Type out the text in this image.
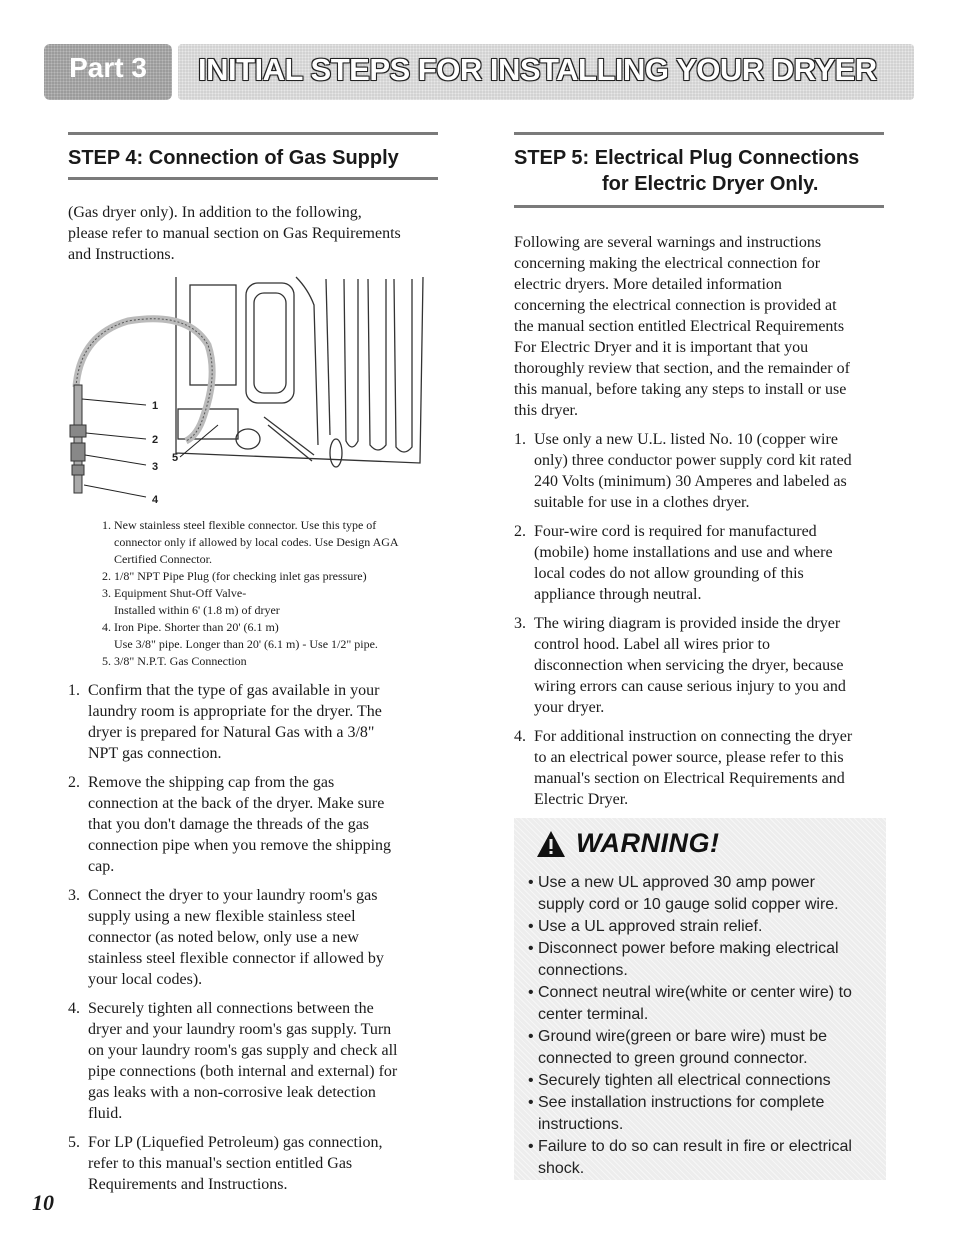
Part 3	INITIAL STEPS FOR INSTALLING YOUR DRYER
STEP 4: Connection of Gas Supply

(Gas dryer only). In addition to the following,
please refer to manual section on Gas Requirements
and Instructions.

1
2
3
4
5
1. New stainless steel flexible connector. Use this type of
connector only if allowed by local codes. Use Design AGA
Certified Connector.
2. 1/8" NPT Pipe Plug (for checking inlet gas pressure)
3. Equipment Shut-Off Valve-
Installed within 6' (1.8 m) of dryer
4. Iron Pipe. Shorter than 20' (6.1 m)
Use 3/8" pipe. Longer than 20' (6.1 m) - Use 1/2" pipe.
5. 3/8" N.P.T. Gas Connection
1. Confirm that the type of gas available in your
laundry room is appropriate for the dryer. The
dryer is prepared for Natural Gas with a 3/8"
NPT gas connection.
2. Remove the shipping cap from the gas
connection at the back of the dryer. Make sure
that you don't damage the threads of the gas
connection pipe when you remove the shipping
cap.
3. Connect the dryer to your laundry room's gas
supply using a new flexible stainless steel
connector (as noted below, only use a new
stainless steel flexible connector if allowed by
your local codes).
4. Securely tighten all connections between the
dryer and your laundry room's gas supply. Turn
on your laundry room's gas supply and check all
pipe connections (both internal and external) for
gas leaks with a non-corrosive leak detection
fluid.
5. For LP (Liquefied Petroleum) gas connection,
refer to this manual's section entitled Gas
Requirements and Instructions.
STEP 5: Electrical Plug Connections
for Electric Dryer Only.

Following are several warnings and instructions
concerning making the electrical connection for
electric dryers. More detailed information
concerning the electrical connection is provided at
the manual section entitled Electrical Requirements
For Electric Dryer and it is important that you
thoroughly review that section, and the remainder of
this manual, before taking any steps to install or use
this dryer.

1. Use only a new U.L. listed No. 10 (copper wire
only) three conductor power supply cord kit rated
240 Volts (minimum) 30 Amperes and labeled as
suitable for use in a clothes dryer.
2. Four-wire cord is required for manufactured
(mobile) home installations and use and where
local codes do not allow grounding of this
appliance through neutral.
3. The wiring diagram is provided inside the dryer
control hood. Label all wires prior to
disconnection when servicing the dryer, because
wiring errors can cause serious injury to you and
your dryer.
4. For additional instruction on connecting the dryer
to an electrical power source, please refer to this
manual's section on Electrical Requirements and
Electric Dryer.
WARNING!
• Use a new UL approved 30 amp power
supply cord or 10 gauge solid copper wire.
• Use a UL approved strain relief.
• Disconnect power before making electrical
connections.
• Connect neutral wire(white or center wire) to
center terminal.
• Ground wire(green or bare wire) must be
connected to green ground connector.
• Securely tighten all electrical connections
• See installation instructions for complete
instructions.
• Failure to do so can result in fire or electrical
shock.
10
